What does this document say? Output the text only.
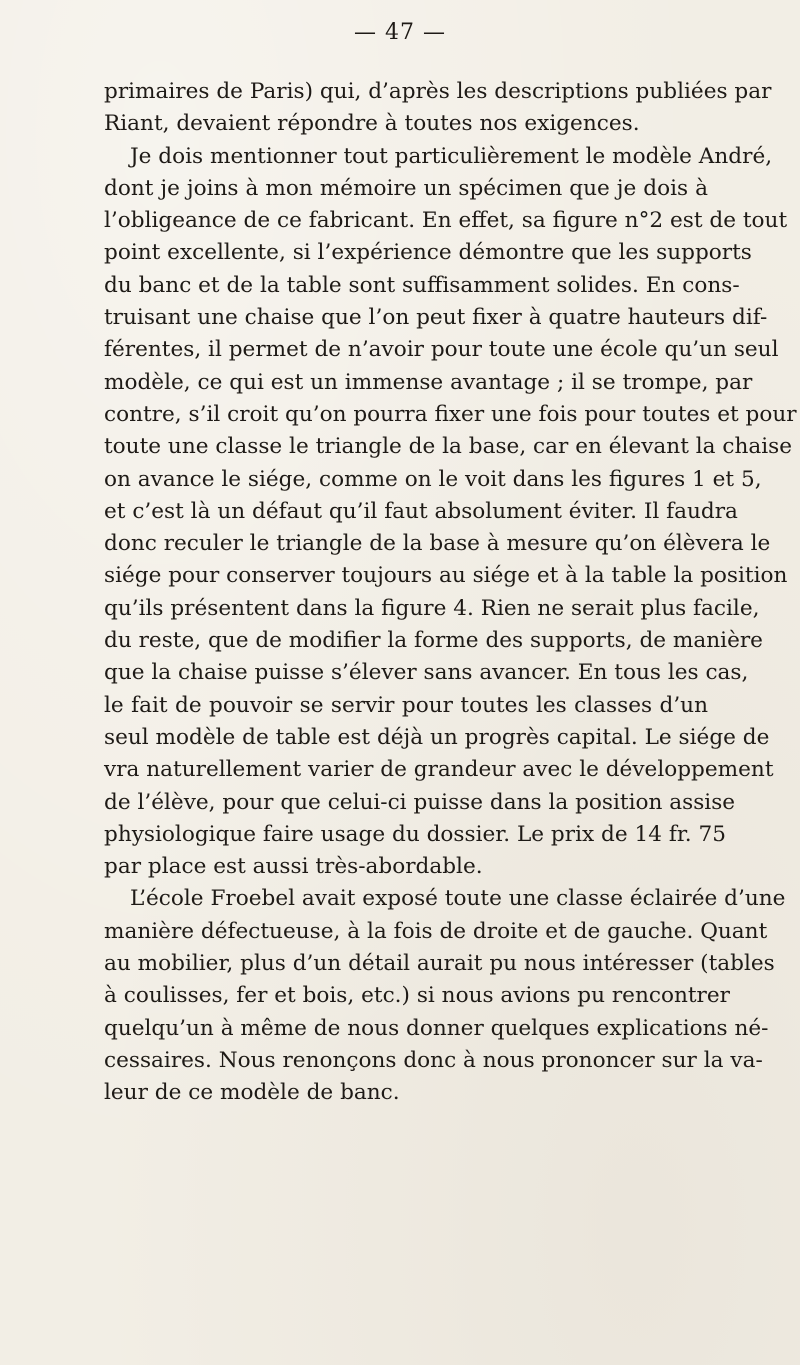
— 47 —
primaires de Paris) qui, d’après les descriptions publiées par
Riant, devaient répondre à toutes nos exigences.
Je dois mentionner tout particulièrement le modèle André,
dont je joins à mon mémoire un spécimen que je dois à
l’obligeance de ce fabricant. En effet, sa figure n°2 est de tout
point excellente, si l’expérience démontre que les supports
du banc et de la table sont suffisamment solides. En cons-
truisant une chaise que l’on peut fixer à quatre hauteurs dif-
férentes, il permet de n’avoir pour toute une école qu’un seul
modèle, ce qui est un immense avantage ; il se trompe, par
contre, s’il croit qu’on pourra fixer une fois pour toutes et pour
toute une classe le triangle de la base, car en élevant la chaise
on avance le siége, comme on le voit dans les figures 1 et 5,
et c’est là un défaut qu’il faut absolument éviter. Il faudra
donc reculer le triangle de la base à mesure qu’on élèvera le
siége pour conserver toujours au siége et à la table la position
qu’ils présentent dans la figure 4. Rien ne serait plus facile,
du reste, que de modifier la forme des supports, de manière
que la chaise puisse s’élever sans avancer. En tous les cas,
le fait de pouvoir se servir pour toutes les classes d’un
seul modèle de table est déjà un progrès capital. Le siége de
vra naturellement varier de grandeur avec le développement
de l’élève, pour que celui-ci puisse dans la position assise
physiologique faire usage du dossier. Le prix de 14 fr. 75
par place est aussi très-abordable.
L’école Froebel avait exposé toute une classe éclairée d’une
manière défectueuse, à la fois de droite et de gauche. Quant
au mobilier, plus d’un détail aurait pu nous intéresser (tables
à coulisses, fer et bois, etc.) si nous avions pu rencontrer
quelqu’un à même de nous donner quelques explications né-
cessaires. Nous renonçons donc à nous prononcer sur la va-
leur de ce modèle de banc.
